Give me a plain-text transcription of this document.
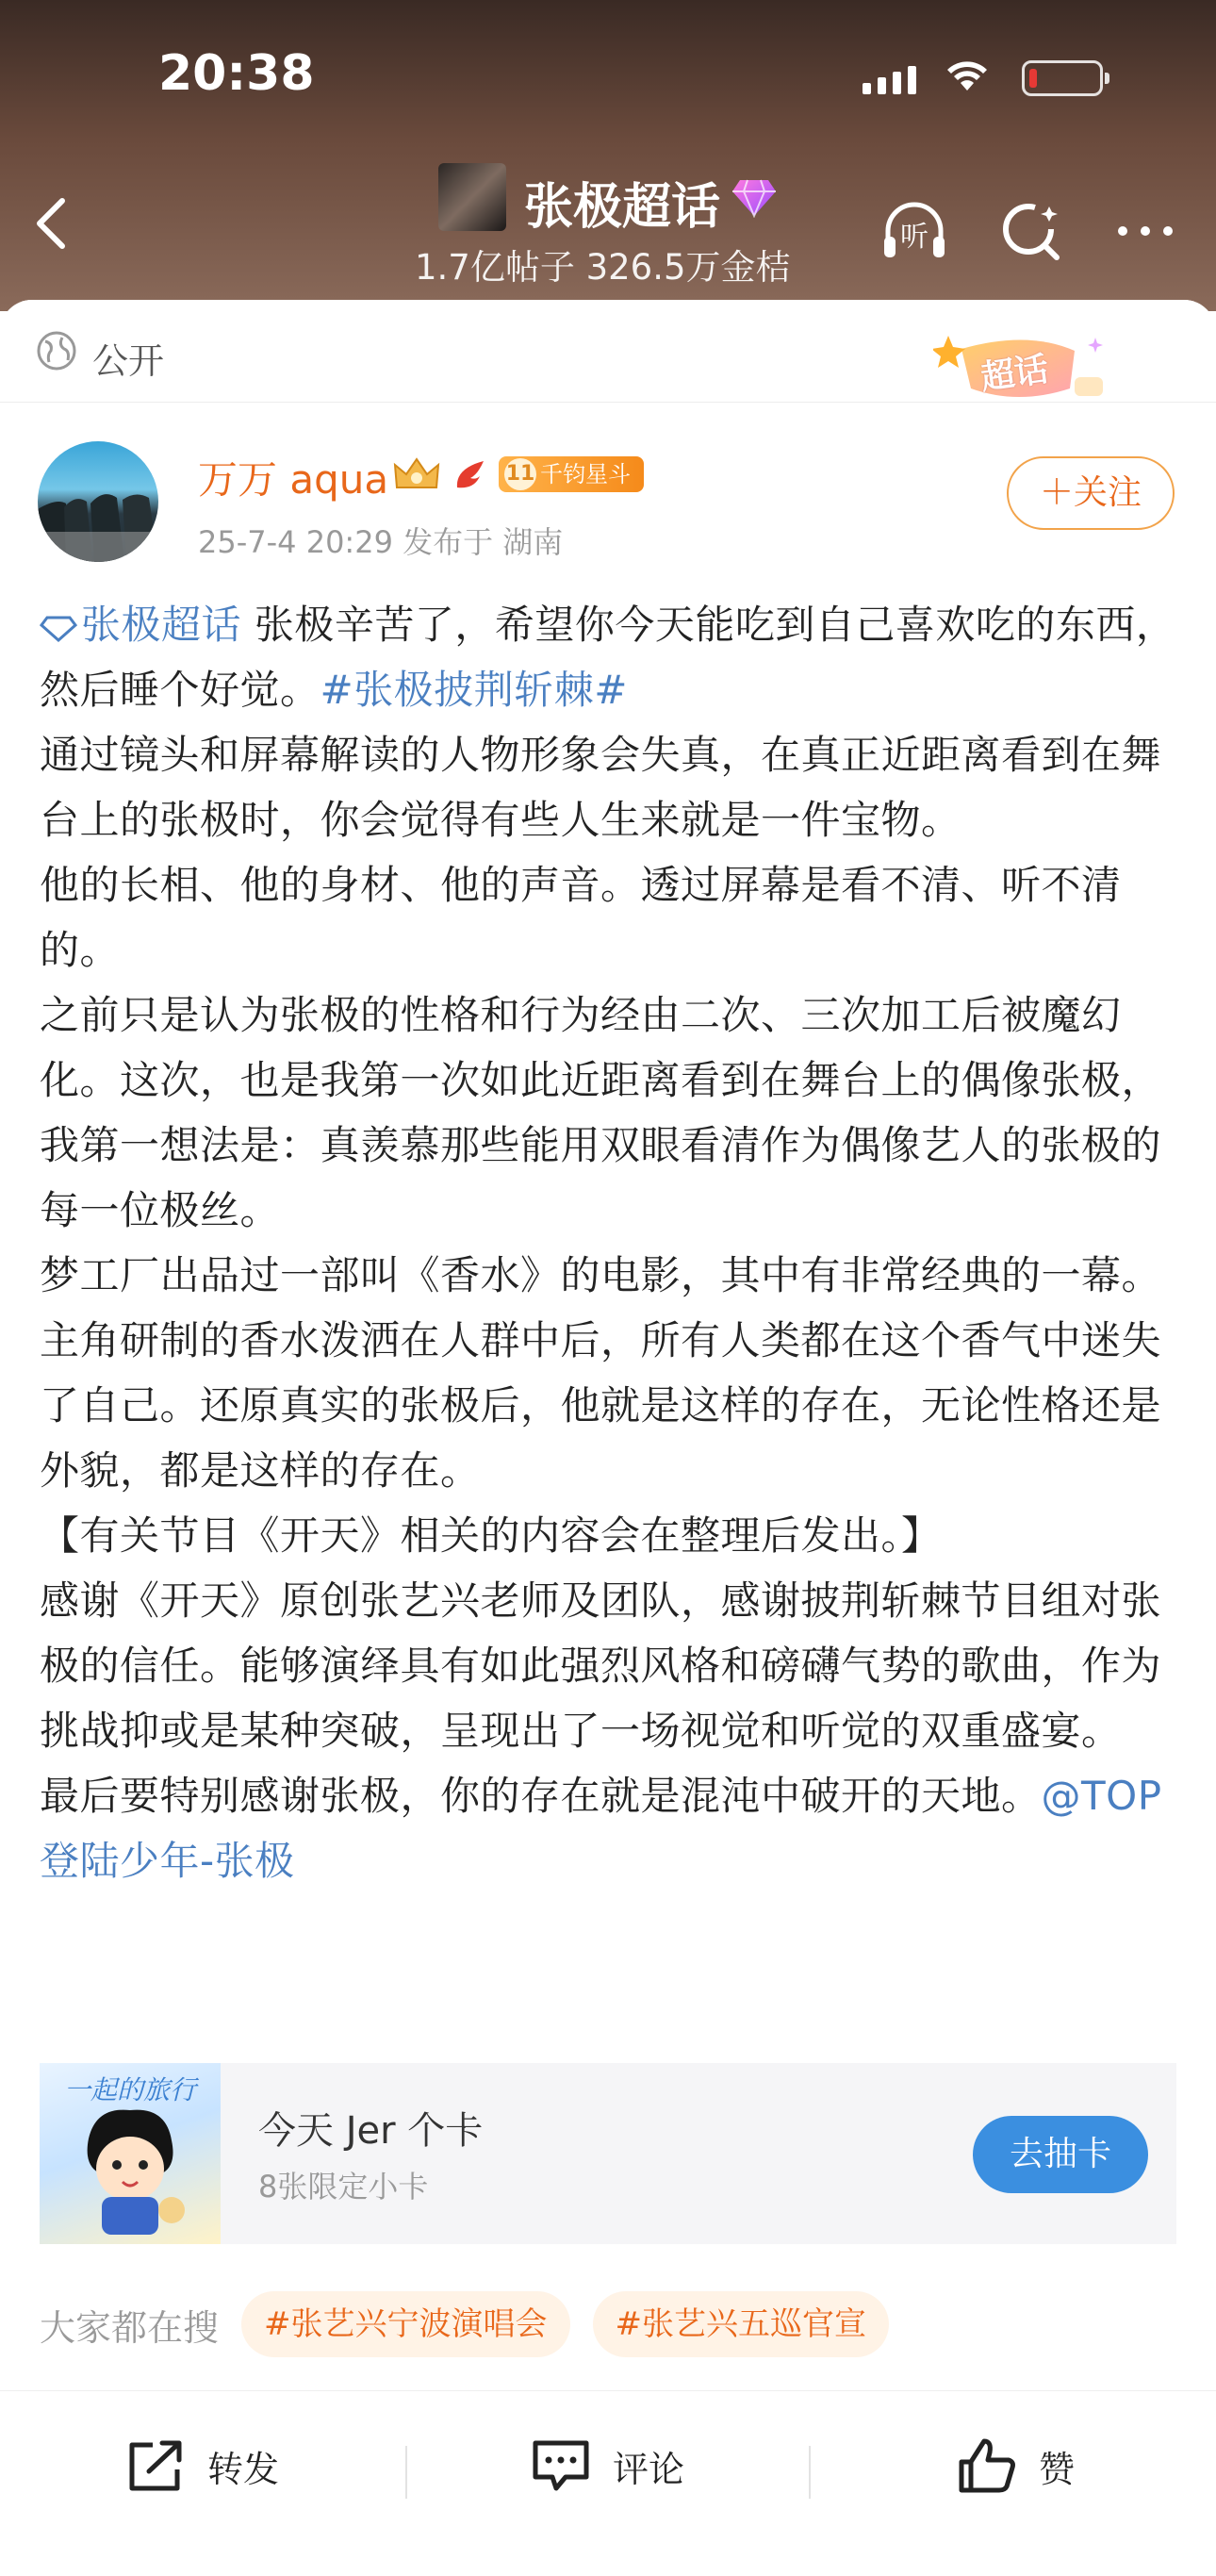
20:38
张极超话
1.7亿帖子 326.5万金桔
听
公开	超话
万万 aqua	11 千钧星斗
25-7-4 20:29 发布于 湖南
＋关注

张极超话 张极辛苦了，希望你今天能吃到自己喜欢吃的东西，然后睡个好觉。#张极披荆斩棘#

通过镜头和屏幕解读的人物形象会失真，在真正近距离看到在舞台上的张极时，你会觉得有些人生来就是一件宝物。

他的长相、他的身材、他的声音。透过屏幕是看不清、听不清的。

之前只是认为张极的性格和行为经由二次、三次加工后被魔幻化。这次，也是我第一次如此近距离看到在舞台上的偶像张极，我第一想法是：真羡慕那些能用双眼看清作为偶像艺人的张极的每一位极丝。

梦工厂出品过一部叫《香水》的电影，其中有非常经典的一幕。主角研制的香水泼洒在人群中后，所有人类都在这个香气中迷失了自己。还原真实的张极后，他就是这样的存在，无论性格还是外貌，都是这样的存在。

【有关节目《开天》相关的内容会在整理后发出。】

感谢《开天》原创张艺兴老师及团队，感谢披荆斩棘节目组对张极的信任。能够演绎具有如此强烈风格和磅礴气势的歌曲，作为挑战抑或是某种突破，呈现出了一场视觉和听觉的双重盛宴。

最后要特别感谢张极，你的存在就是混沌中破开的天地。@TOP登陆少年-张极

一起的旅行
今天 Jer 个卡
8张限定小卡
去抽卡
大家都在搜	#张艺兴宁波演唱会	#张艺兴五巡官宣
转发	评论	赞
